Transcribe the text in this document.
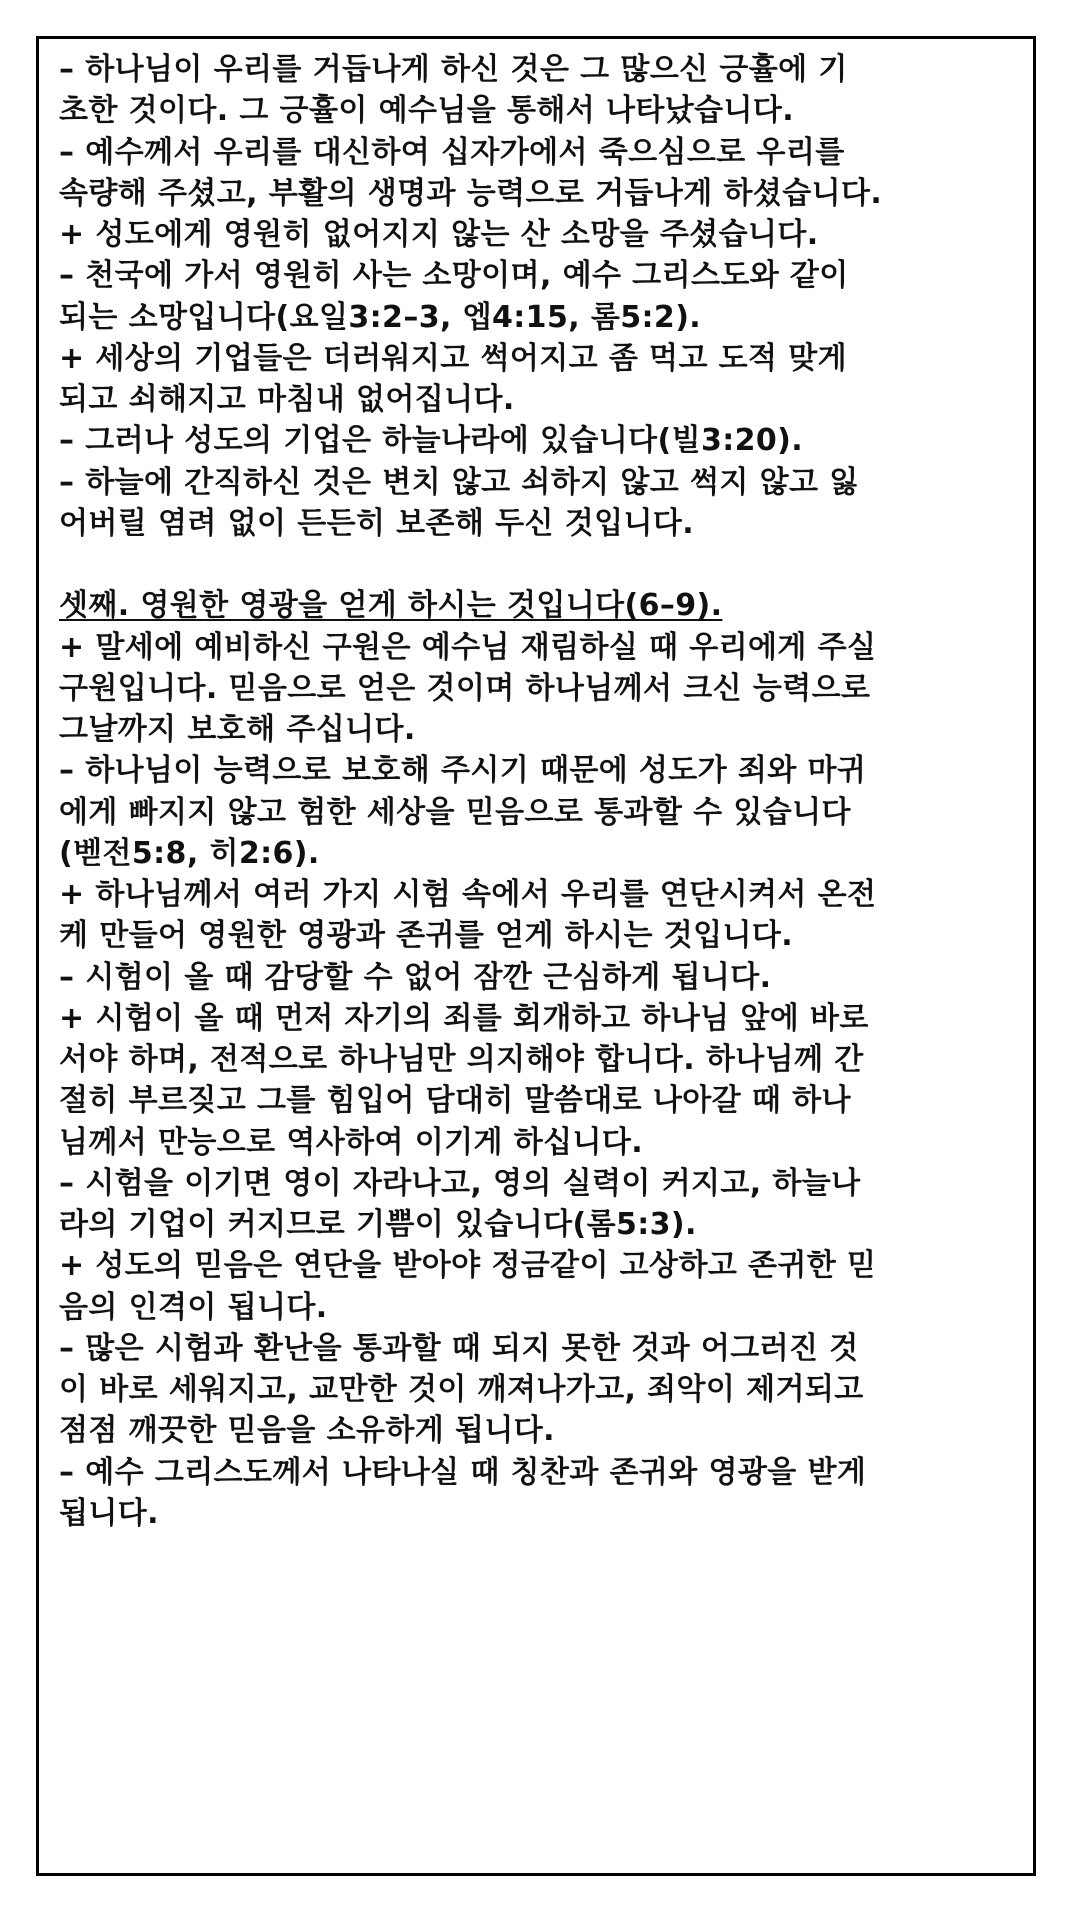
– 하나님이 우리를 거듭나게 하신 것은 그 많으신 긍휼에 기
초한 것이다. 그 긍휼이 예수님을 통해서 나타났습니다.
– 예수께서 우리를 대신하여 십자가에서 죽으심으로 우리를
속량해 주셨고, 부활의 생명과 능력으로 거듭나게 하셨습니다.
+ 성도에게 영원히 없어지지 않는 산 소망을 주셨습니다.
– 천국에 가서 영원히 사는 소망이며, 예수 그리스도와 같이
되는 소망입니다(요일3:2–3, 엡4:15, 롬5:2).
+ 세상의 기업들은 더러워지고 썩어지고 좀 먹고 도적 맞게
되고 쇠해지고 마침내 없어집니다.
– 그러나 성도의 기업은 하늘나라에 있습니다(빌3:20).
– 하늘에 간직하신 것은 변치 않고 쇠하지 않고 썩지 않고 잃
어버릴 염려 없이 든든히 보존해 두신 것입니다.
셋째. 영원한 영광을 얻게 하시는 것입니다(6–9).
+ 말세에 예비하신 구원은 예수님 재림하실 때 우리에게 주실
구원입니다. 믿음으로 얻은 것이며 하나님께서 크신 능력으로
그날까지 보호해 주십니다.
– 하나님이 능력으로 보호해 주시기 때문에 성도가 죄와 마귀
에게 빠지지 않고 험한 세상을 믿음으로 통과할 수 있습니다
(벧전5:8, 히2:6).
+ 하나님께서 여러 가지 시험 속에서 우리를 연단시켜서 온전
케 만들어 영원한 영광과 존귀를 얻게 하시는 것입니다.
– 시험이 올 때 감당할 수 없어 잠깐 근심하게 됩니다.
+ 시험이 올 때 먼저 자기의 죄를 회개하고 하나님 앞에 바로
서야 하며, 전적으로 하나님만 의지해야 합니다. 하나님께 간
절히 부르짖고 그를 힘입어 담대히 말씀대로 나아갈 때 하나
님께서 만능으로 역사하여 이기게 하십니다.
– 시험을 이기면 영이 자라나고, 영의 실력이 커지고, 하늘나
라의 기업이 커지므로 기쁨이 있습니다(롬5:3).
+ 성도의 믿음은 연단을 받아야 정금같이 고상하고 존귀한 믿
음의 인격이 됩니다.
– 많은 시험과 환난을 통과할 때 되지 못한 것과 어그러진 것
이 바로 세워지고, 교만한 것이 깨져나가고, 죄악이 제거되고
점점 깨끗한 믿음을 소유하게 됩니다.
– 예수 그리스도께서 나타나실 때 칭찬과 존귀와 영광을 받게
됩니다.
